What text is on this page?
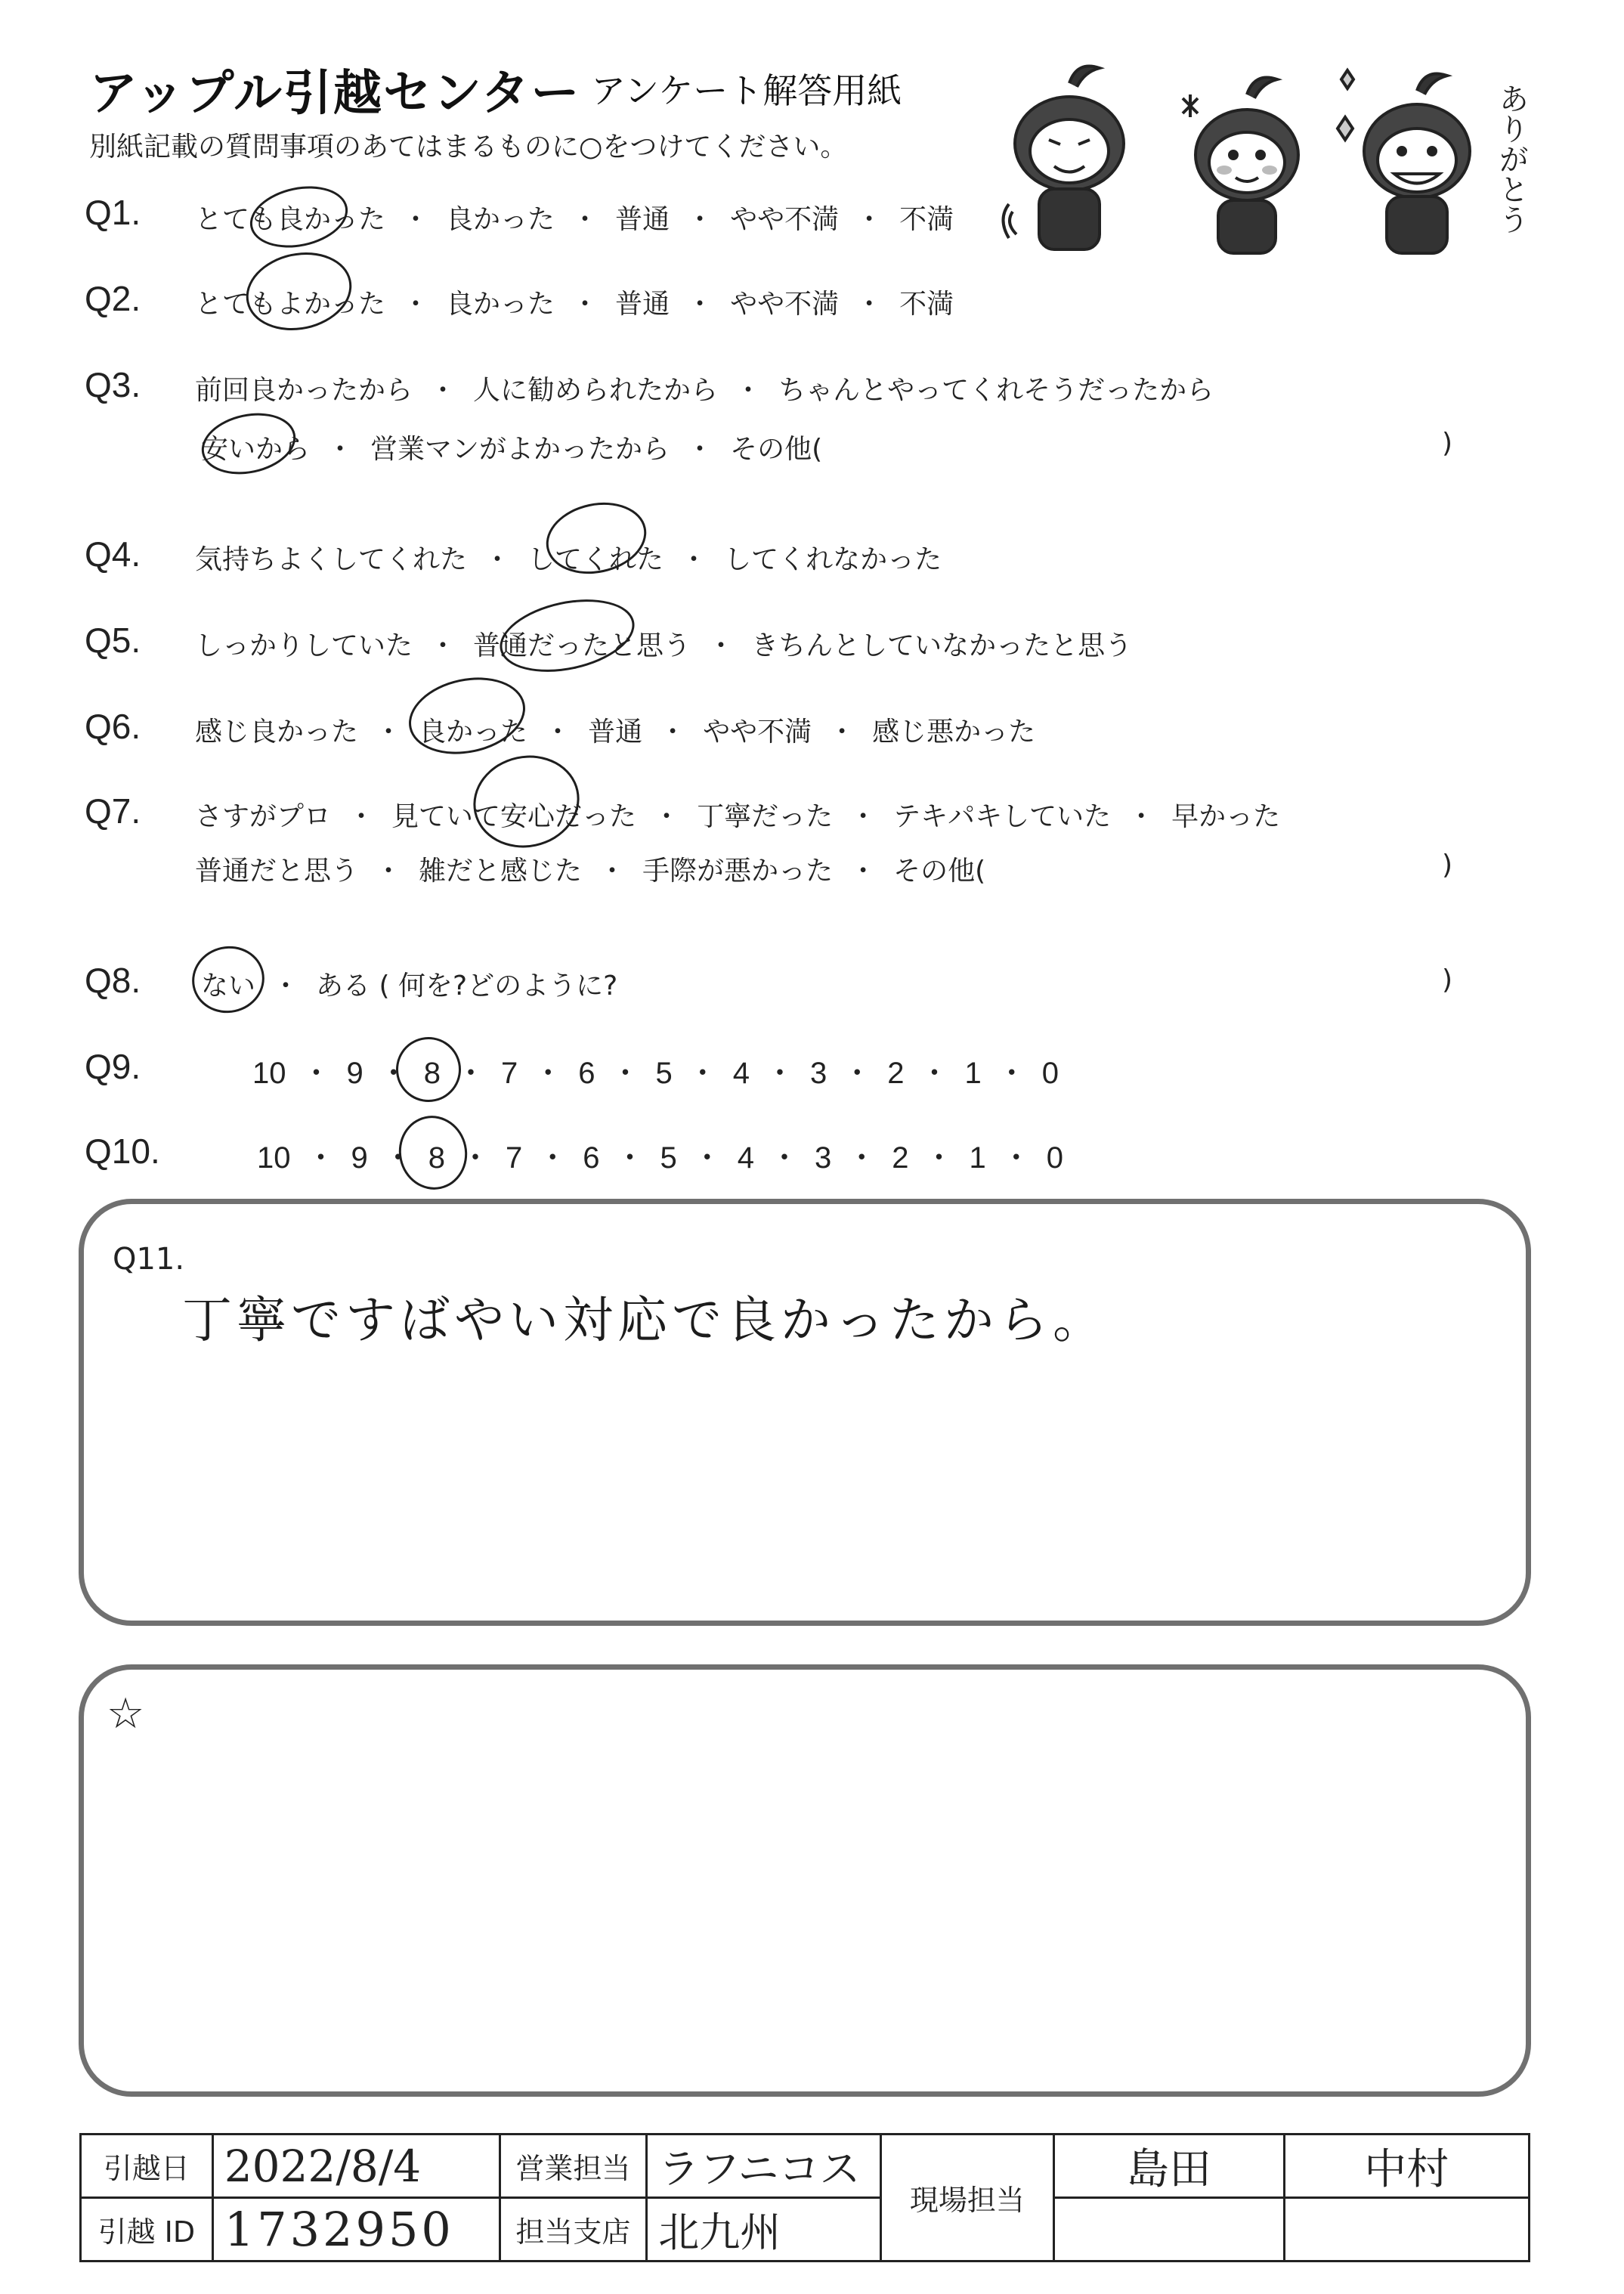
アップル引越センター アンケート解答用紙
別紙記載の質問事項のあてはまるものに○をつけてください。	ありがとう
Q1. とても良かった ・ 良かった ・ 普通 ・ やや不満 ・ 不満
Q2. とてもよかった ・ 良かった ・ 普通 ・ やや不満 ・ 不満
Q3. 前回良かったから ・ 人に勧められたから ・ ちゃんとやってくれそうだったから
安いから ・ 営業マンがよかったから ・ その他(	)
Q4. 気持ちよくしてくれた ・ してくれた ・ してくれなかった
Q5. しっかりしていた ・ 普通だったと思う ・ きちんとしていなかったと思う
Q6. 感じ良かった ・ 良かった ・ 普通 ・ やや不満 ・ 感じ悪かった
Q7. さすがプロ ・ 見ていて安心だった ・ 丁寧だった ・ テキパキしていた ・ 早かった
普通だと思う ・ 雑だと感じた ・ 手際が悪かった ・ その他(	)
Q8. ない ・ ある ( 何を?どのように?	)
Q9.	10 ・ 9 ・ 8 ・ 7 ・ 6 ・ 5 ・ 4 ・ 3 ・ 2 ・ 1 ・ 0
Q10.	10 ・ 9 ・ 8 ・ 7 ・ 6 ・ 5 ・ 4 ・ 3 ・ 2 ・ 1 ・ 0
Q11.
丁寧ですばやい対応で良かったから。
☆
引越日	2022/8/4	営業担当	ラフニコス	現場担当	島田	中村
引越 ID	1732950	担当支店	北九州			
